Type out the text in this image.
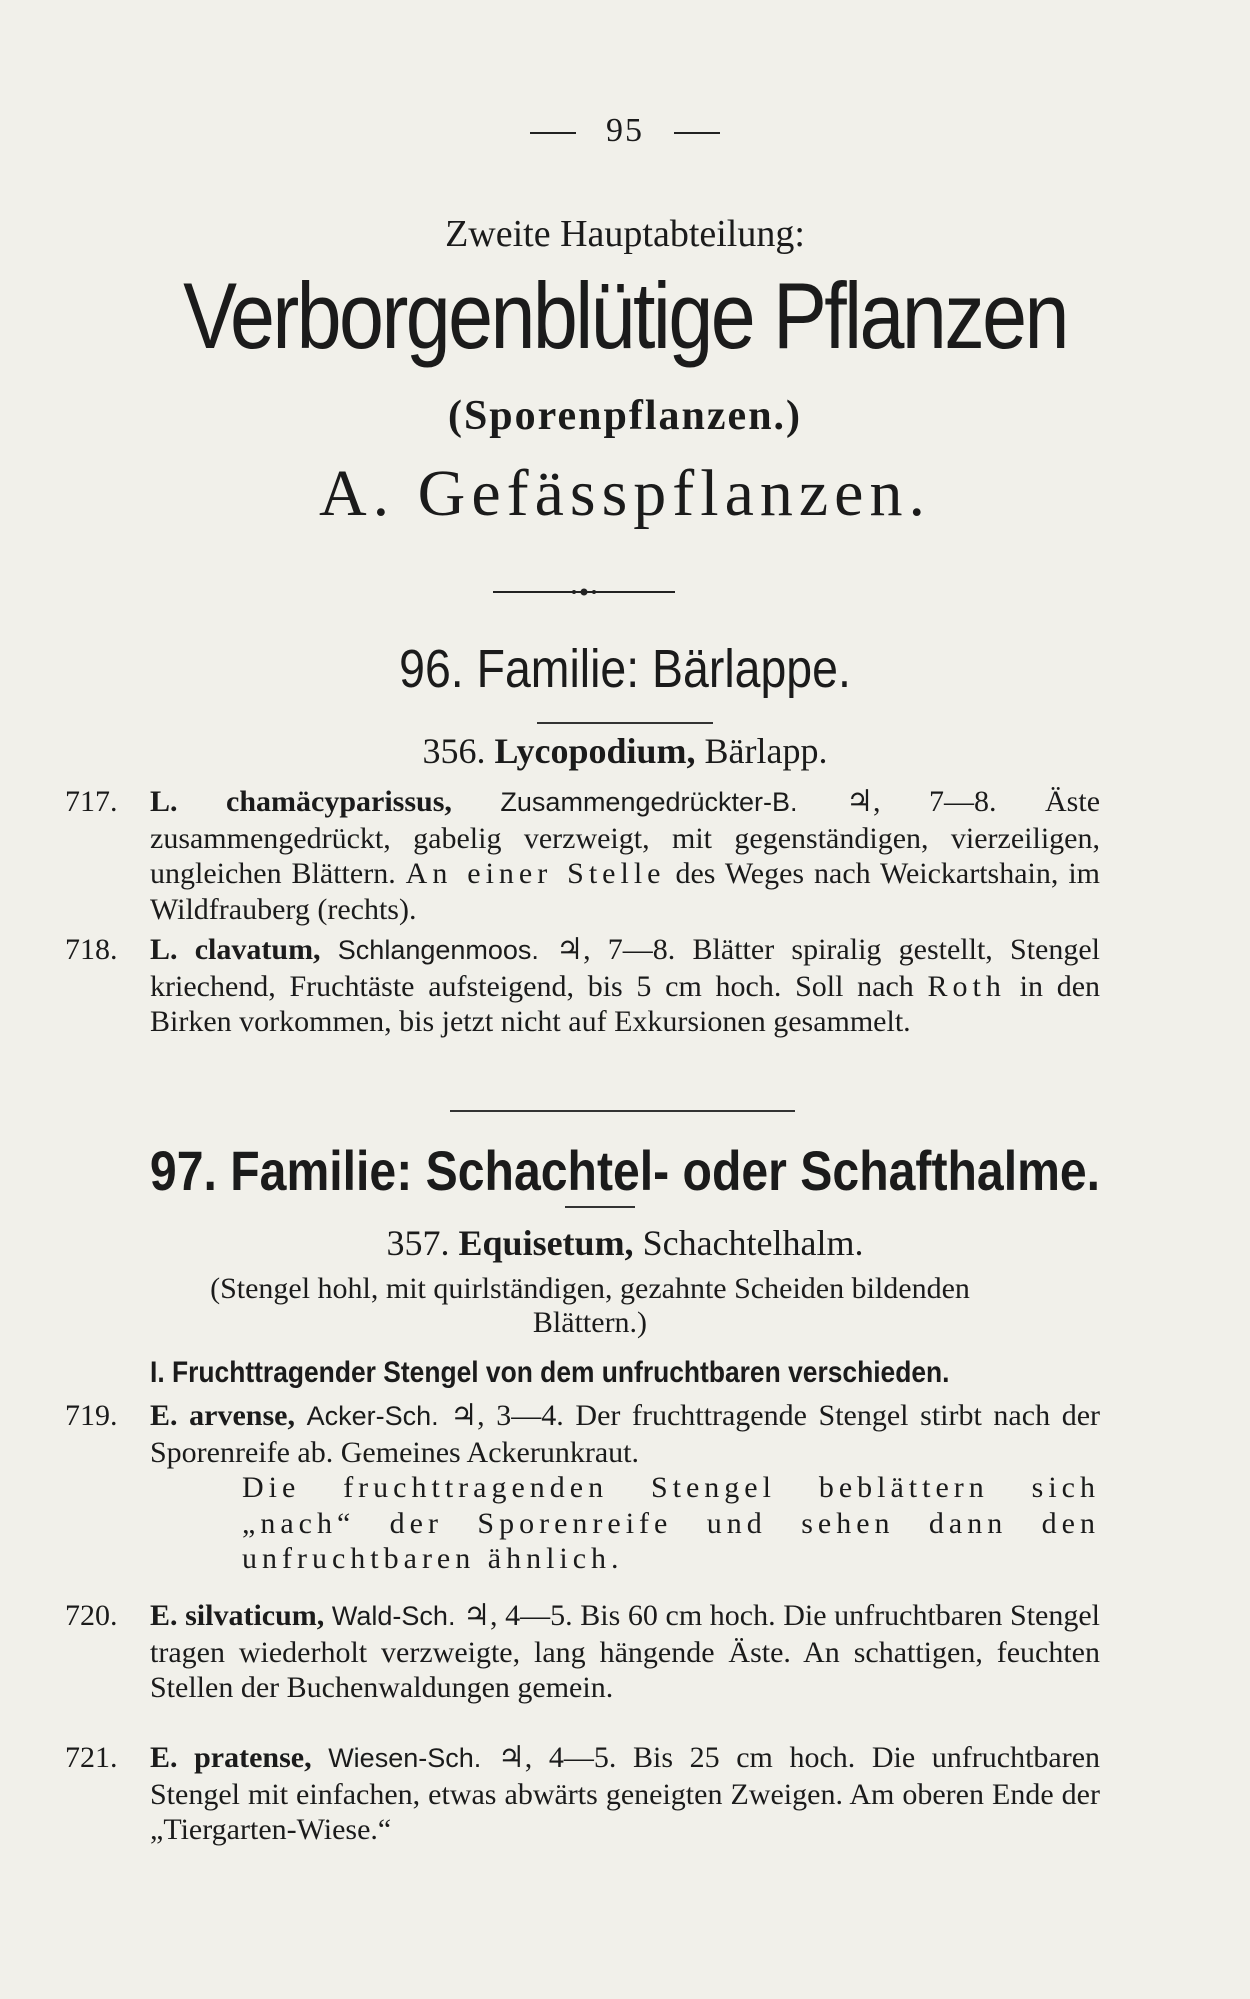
95
Zweite Hauptabteilung:
Verborgenblütige Pflanzen
(Sporenpflanzen.)
A. Gefässpflanzen.
96. Familie: Bärlappe.
356. Lycopodium, Bärlapp.
717. L. chamäcyparissus, Zusammengedrückter-B. ♃, 7—8. Äste zusammengedrückt, gabelig verzweigt, mit gegenständigen, vierzeiligen, ungleichen Blättern. An einer Stelle des Weges nach Weickartshain, im Wildfrauberg (rechts).
718. L. clavatum, Schlangenmoos. ♃, 7—8. Blätter spiralig gestellt, Stengel kriechend, Fruchtäste aufsteigend, bis 5 cm hoch. Soll nach Roth in den Birken vorkommen, bis jetzt nicht auf Exkursionen gesammelt.
97. Familie: Schachtel- oder Schafthalme.
357. Equisetum, Schachtelhalm.
(Stengel hohl, mit quirlständigen, gezahnte Scheiden bildenden Blättern.)
I. Fruchttragender Stengel von dem unfruchtbaren verschieden.
719. E. arvense, Acker-Sch. ♃, 3—4. Der fruchttragende Stengel stirbt nach der Sporenreife ab. Gemeines Ackerunkraut.
Die fruchttragenden Stengel beblättern sich „nach“ der Sporenreife und sehen dann den unfruchtbaren ähnlich.
720. E. silvaticum, Wald-Sch. ♃, 4—5. Bis 60 cm hoch. Die unfruchtbaren Stengel tragen wiederholt verzweigte, lang hängende Äste. An schattigen, feuchten Stellen der Buchenwaldungen gemein.
721. E. pratense, Wiesen-Sch. ♃, 4—5. Bis 25 cm hoch. Die unfruchtbaren Stengel mit einfachen, etwas abwärts geneigten Zweigen. Am oberen Ende der „Tiergarten-Wiese.“
